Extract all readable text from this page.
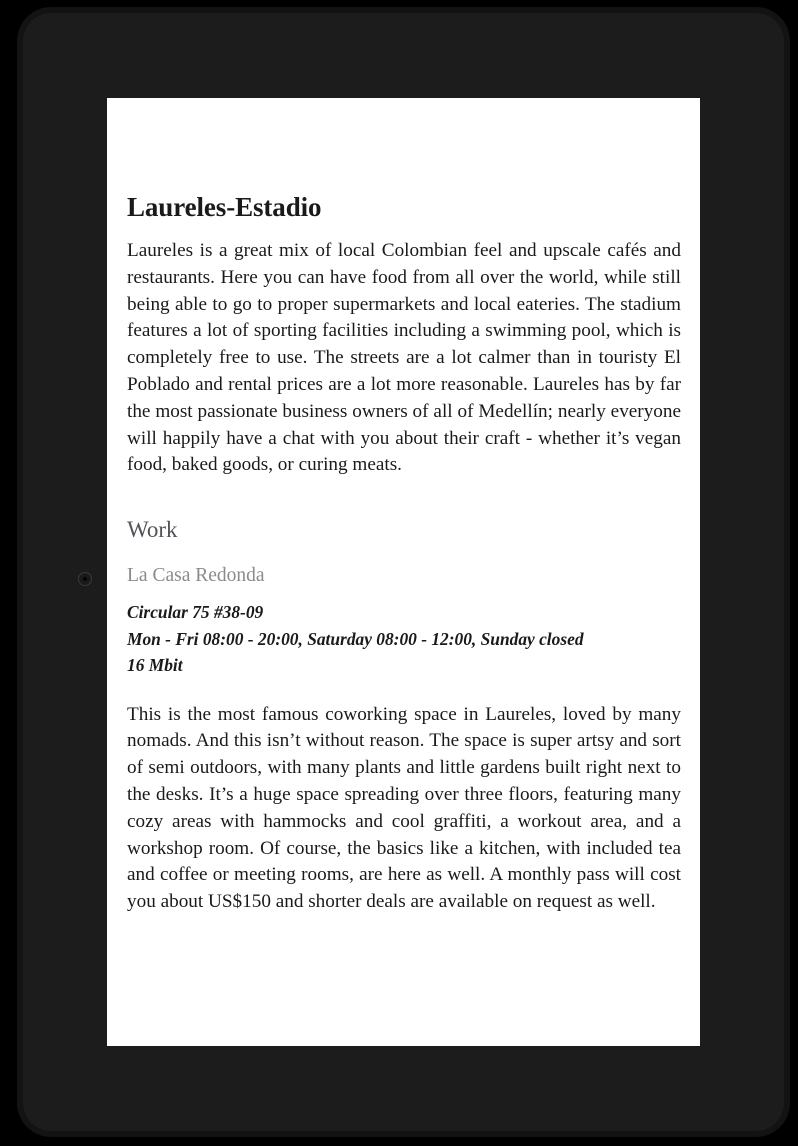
Laureles-Estadio

Laureles is a great mix of local Colombian feel and upscale cafés and restaurants. Here you can have food from all over the world, while still being able to go to proper supermarkets and local eateries. The stadium features a lot of sporting facilities including a swimming pool, which is completely free to use. The streets are a lot calmer than in touristy El Poblado and rental prices are a lot more reasonable. Laureles has by far the most passionate business owners of all of Medellín; nearly everyone will happily have a chat with you about their craft - whether it’s vegan food, baked goods, or curing meats.

Work
La Casa Redonda
Circular 75 #38-09
Mon - Fri 08:00 - 20:00, Saturday 08:00 - 12:00, Sunday closed
16 Mbit

This is the most famous coworking space in Laureles, loved by many nomads. And this isn’t without reason. The space is super artsy and sort of semi outdoors, with many plants and little gardens built right next to the desks. It’s a huge space spreading over three floors, featuring many cozy areas with hammocks and cool graffiti, a workout area, and a workshop room. Of course, the basics like a kitchen, with included tea and coffee or meeting rooms, are here as well. A monthly pass will cost you about US$150 and shorter deals are available on request as well.
